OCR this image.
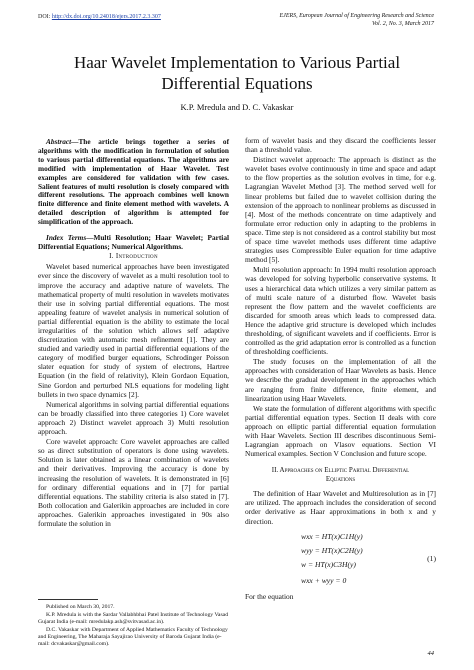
DOI: http://dx.doi.org/10.24018/ejers.2017.2.3.307	EJERS, European Journal of Engineering Research and Science
Vol. 2, No. 3, March 2017
Haar Wavelet Implementation to Various Partial
Differential Equations
K.P. Mredula and D. C. Vakaskar

Abstract—The article brings together a series of algorithms with the modification in formulation of solution to various partial differential equations. The algorithms are modified with implementation of Haar Wavelet. Test examples are considered for validation with few cases. Salient features of multi resolution is closely compared with different resolutions. The approach combines well known finite difference and finite element method with wavelets. A detailed description of algorithm is attempted for simplification of the approach.

Index Terms—Multi Resolution; Haar Wavelet; Partial Differential Equations; Numerical Algorithms.

I. Introduction

Wavelet based numerical approaches have been investigated ever since the discovery of wavelet as a multi resolution tool to improve the accuracy and adaptive nature of wavelets. The mathematical property of multi resolution in wavelets motivates their use in solving partial differential equations. The most appealing feature of wavelet analysis in numerical solution of partial differential equation is the ability to estimate the local irregularities of the solution which allows self adaptive discretization with automatic mesh refinement [1]. They are studied and variedly used in partial differential equations of the category of modified burger equations, Schrodinger Poisson slater equation for study of system of electrons, Hartree Equation (in the field of relativity), Klein Gordaon Equation, Sine Gordon and perturbed NLS equations for modeling light bullets in two space dynamics [2].

Numerical algorithms in solving partial differential equations can be broadly classified into three categories 1) Core wavelet approach 2) Distinct wavelet approach 3) Multi resolution approach.

Core wavelet approach: Core wavelet approaches are called so as direct substitution of operators is done using wavelets. Solution is later obtained as a linear combination of wavelets and their derivatives. Improving the accuracy is done by increasing the resolution of wavelets. It is demonstrated in [6] for ordinary differential equations and in [7] for partial differential equations. The stability criteria is also stated in [7]. Both collocation and Galerikin approaches are included in core approaches. Galerikin approaches investigated in 90s also formulate the solution in

Published on March 30, 2017.

K.P. Mredula is with the Sardar Vallabhbhai Patel Institute of Technology Vasad Gujarat India (e-mail: mredulakp.ash@svitvasad.ac.in).

D.C. Vakaskar with Department of Applied Mathematics Faculty of Technology and Engineering, The Maharaja Sayajirao University of Baroda Gujarat India (e-mail: dcvakaskar@gmail.com).

form of wavelet basis and they discard the coefficients lesser than a threshold value.

Distinct wavelet approach: The approach is distinct as the wavelet bases evolve continuously in time and space and adapt to the flow properties as the solution evolves in time, for e.g. Lagrangian Wavelet Method [3]. The method served well for linear problems but failed due to wavelet collision during the extension of the approach to nonlinear problems as discussed in [4]. Most of the methods concentrate on time adaptively and formulate error reduction only in adapting to the problems in space. Time step is not considered as a control stability but most of space time wavelet methods uses different time adaptive strategies uses Compressible Euler equation for time adaptive method [5].

Multi resolution approach: In 1994 multi resolution approach was developed for solving hyperbolic conservative systems. It uses a hierarchical data which utilizes a very similar pattern as of multi scale nature of a disturbed flow. Wavelet basis represent the flow pattern and the wavelet coefficients are discarded for smooth areas which leads to compressed data. Hence the adaptive grid structure is developed which includes thresholding, of significant wavelets and if coefficients. Error is controlled as the grid adaptation error is controlled as a function of thresholding coefficients.

The study focuses on the implementation of all the approaches with consideration of Haar Wavelets as basis. Hence we describe the gradual development in the approaches which are ranging from finite difference, finite element, and linearization using Haar Wavelets.

We state the formulation of different algorithms with specific partial differential equation types. Section II deals with core approach on elliptic partial differential equation formulation with Haar Wavelets. Section III describes discontinuous Semi-Lagrangian approach on Vlasov equations. Section VI Numerical examples. Section V Conclusion and future scope.

II. Approaches on Elliptic Partial Differential
Equations

The definition of Haar Wavelet and Multiresolution as in [7] are utilized. The approach includes the consideration of second order derivative as Haar approximations in both x and y direction.

wxx = HT(x)C1H(y)
wyy = HT(x)C2H(y)
w = HT(x)C3H(y)
wxx + wyy = 0
(1)

For the equation

44
